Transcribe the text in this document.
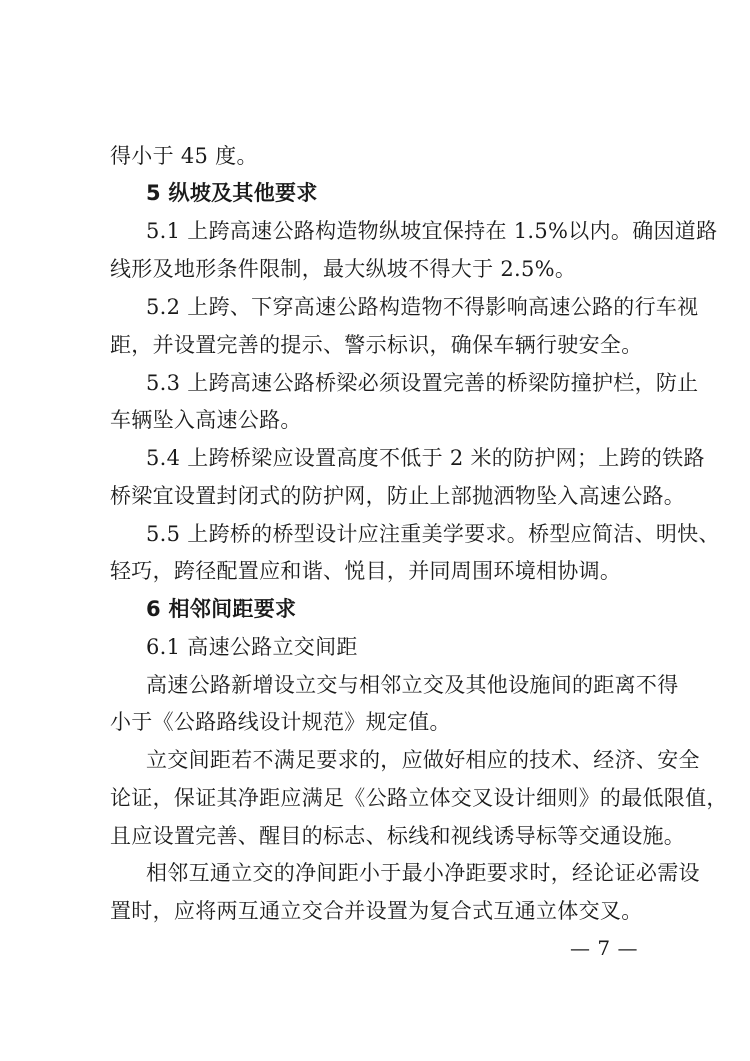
得小于 45 度。
5 纵坡及其他要求
5.1 上跨高速公路构造物纵坡宜保持在 1.5%以内。确因道路
线形及地形条件限制，最大纵坡不得大于 2.5%。
5.2 上跨、下穿高速公路构造物不得影响高速公路的行车视
距，并设置完善的提示、警示标识，确保车辆行驶安全。
5.3 上跨高速公路桥梁必须设置完善的桥梁防撞护栏，防止
车辆坠入高速公路。
5.4 上跨桥梁应设置高度不低于 2 米的防护网；上跨的铁路
桥梁宜设置封闭式的防护网，防止上部抛洒物坠入高速公路。
5.5 上跨桥的桥型设计应注重美学要求。桥型应简洁、明快、
轻巧，跨径配置应和谐、悦目，并同周围环境相协调。
6 相邻间距要求
6.1 高速公路立交间距
高速公路新增设立交与相邻立交及其他设施间的距离不得
小于《公路路线设计规范》规定值。
立交间距若不满足要求的，应做好相应的技术、经济、安全
论证，保证其净距应满足《公路立体交叉设计细则》的最低限值，
且应设置完善、醒目的标志、标线和视线诱导标等交通设施。
相邻互通立交的净间距小于最小净距要求时，经论证必需设
置时，应将两互通立交合并设置为复合式互通立体交叉。
— 7 —
